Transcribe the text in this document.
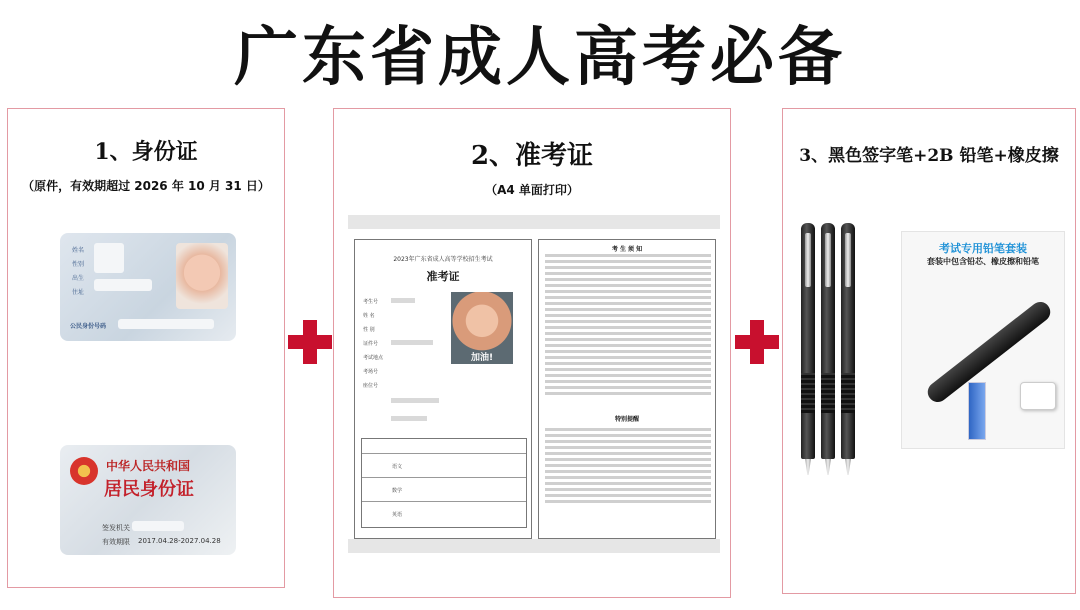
广东省成人高考必备
1、身份证
（原件，有效期超过 2026 年 10 月 31 日）
姓名
性别
出生
住址
公民身份号码
中华人民共和国
居民身份证
签发机关
有效期限 2017.04.28-2027.04.28
2、准考证
（A4 单面打印）
2023年广东省成人高等学校招生考试
准考证
考生号
姓 名
性 别
证件号
考试地点
考场号
座位号
加油!
语文
数学
英语
考 生 须 知
特别提醒
3、黑色签字笔+2B 铅笔+橡皮擦
考试专用铅笔套装
套装中包含铅芯、橡皮擦和铅笔
